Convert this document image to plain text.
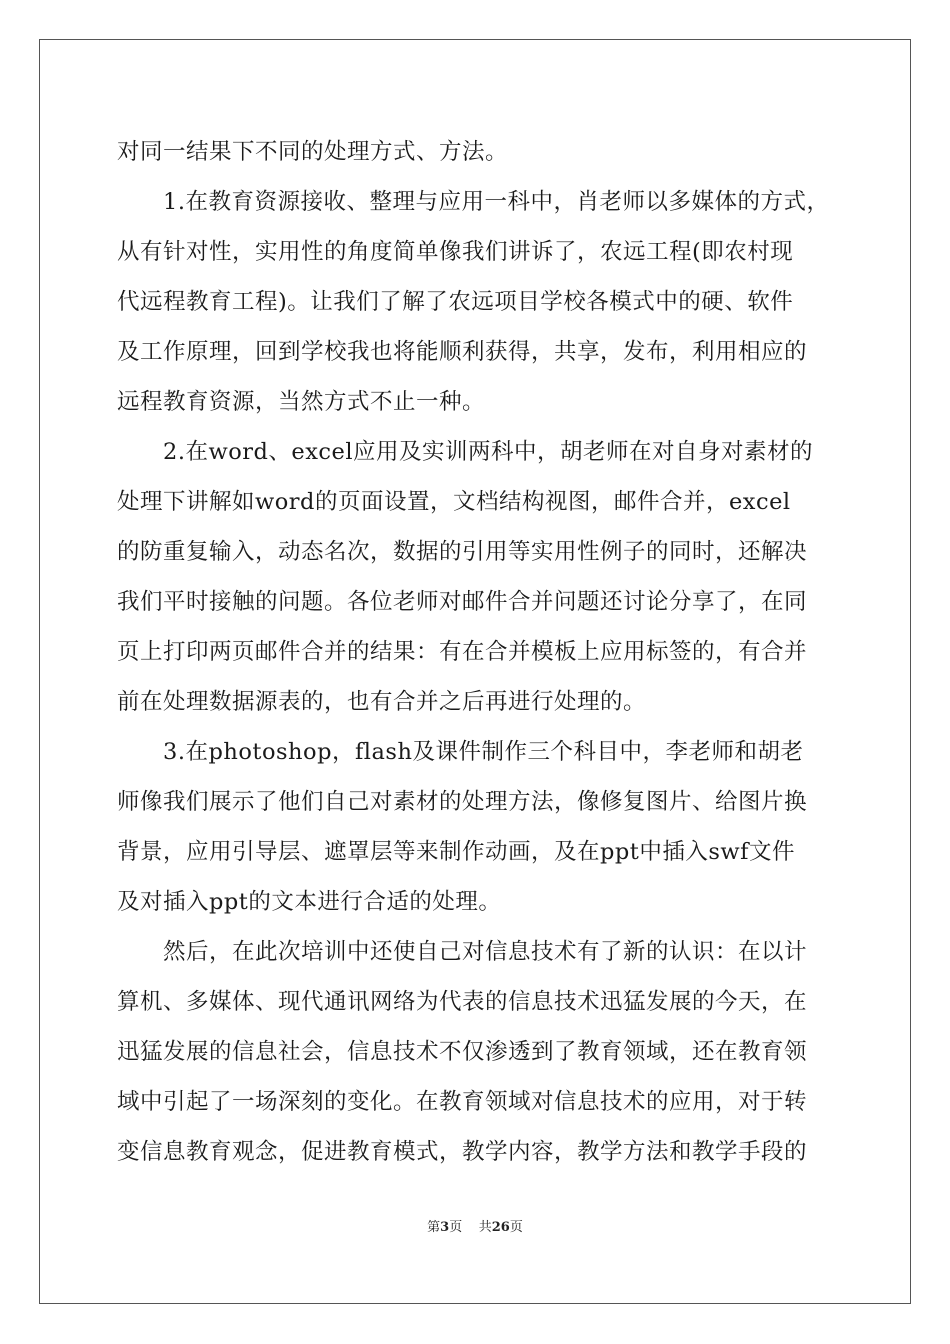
对同一结果下不同的处理方式、方法。
　　1.在教育资源接收、整理与应用一科中，肖老师以多媒体的方式，
从有针对性，实用性的角度简单像我们讲诉了，农远工程(即农村现
代远程教育工程)。让我们了解了农远项目学校各模式中的硬、软件
及工作原理，回到学校我也将能顺利获得，共享，发布，利用相应的
远程教育资源，当然方式不止一种。
　　2.在word、excel应用及实训两科中，胡老师在对自身对素材的
处理下讲解如word的页面设置，文档结构视图，邮件合并，excel
的防重复输入，动态名次，数据的引用等实用性例子的同时，还解决
我们平时接触的问题。各位老师对邮件合并问题还讨论分享了，在同
页上打印两页邮件合并的结果：有在合并模板上应用标签的，有合并
前在处理数据源表的，也有合并之后再进行处理的。
　　3.在photoshop，flash及课件制作三个科目中，李老师和胡老
师像我们展示了他们自己对素材的处理方法，像修复图片、给图片换
背景，应用引导层、遮罩层等来制作动画，及在ppt中插入swf文件
及对插入ppt的文本进行合适的处理。
　　然后，在此次培训中还使自己对信息技术有了新的认识：在以计
算机、多媒体、现代通讯网络为代表的信息技术迅猛发展的今天，在
迅猛发展的信息社会，信息技术不仅渗透到了教育领域，还在教育领
域中引起了一场深刻的变化。在教育领域对信息技术的应用，对于转
变信息教育观念，促进教育模式，教学内容，教学方法和教学手段的
第3页 共26页
